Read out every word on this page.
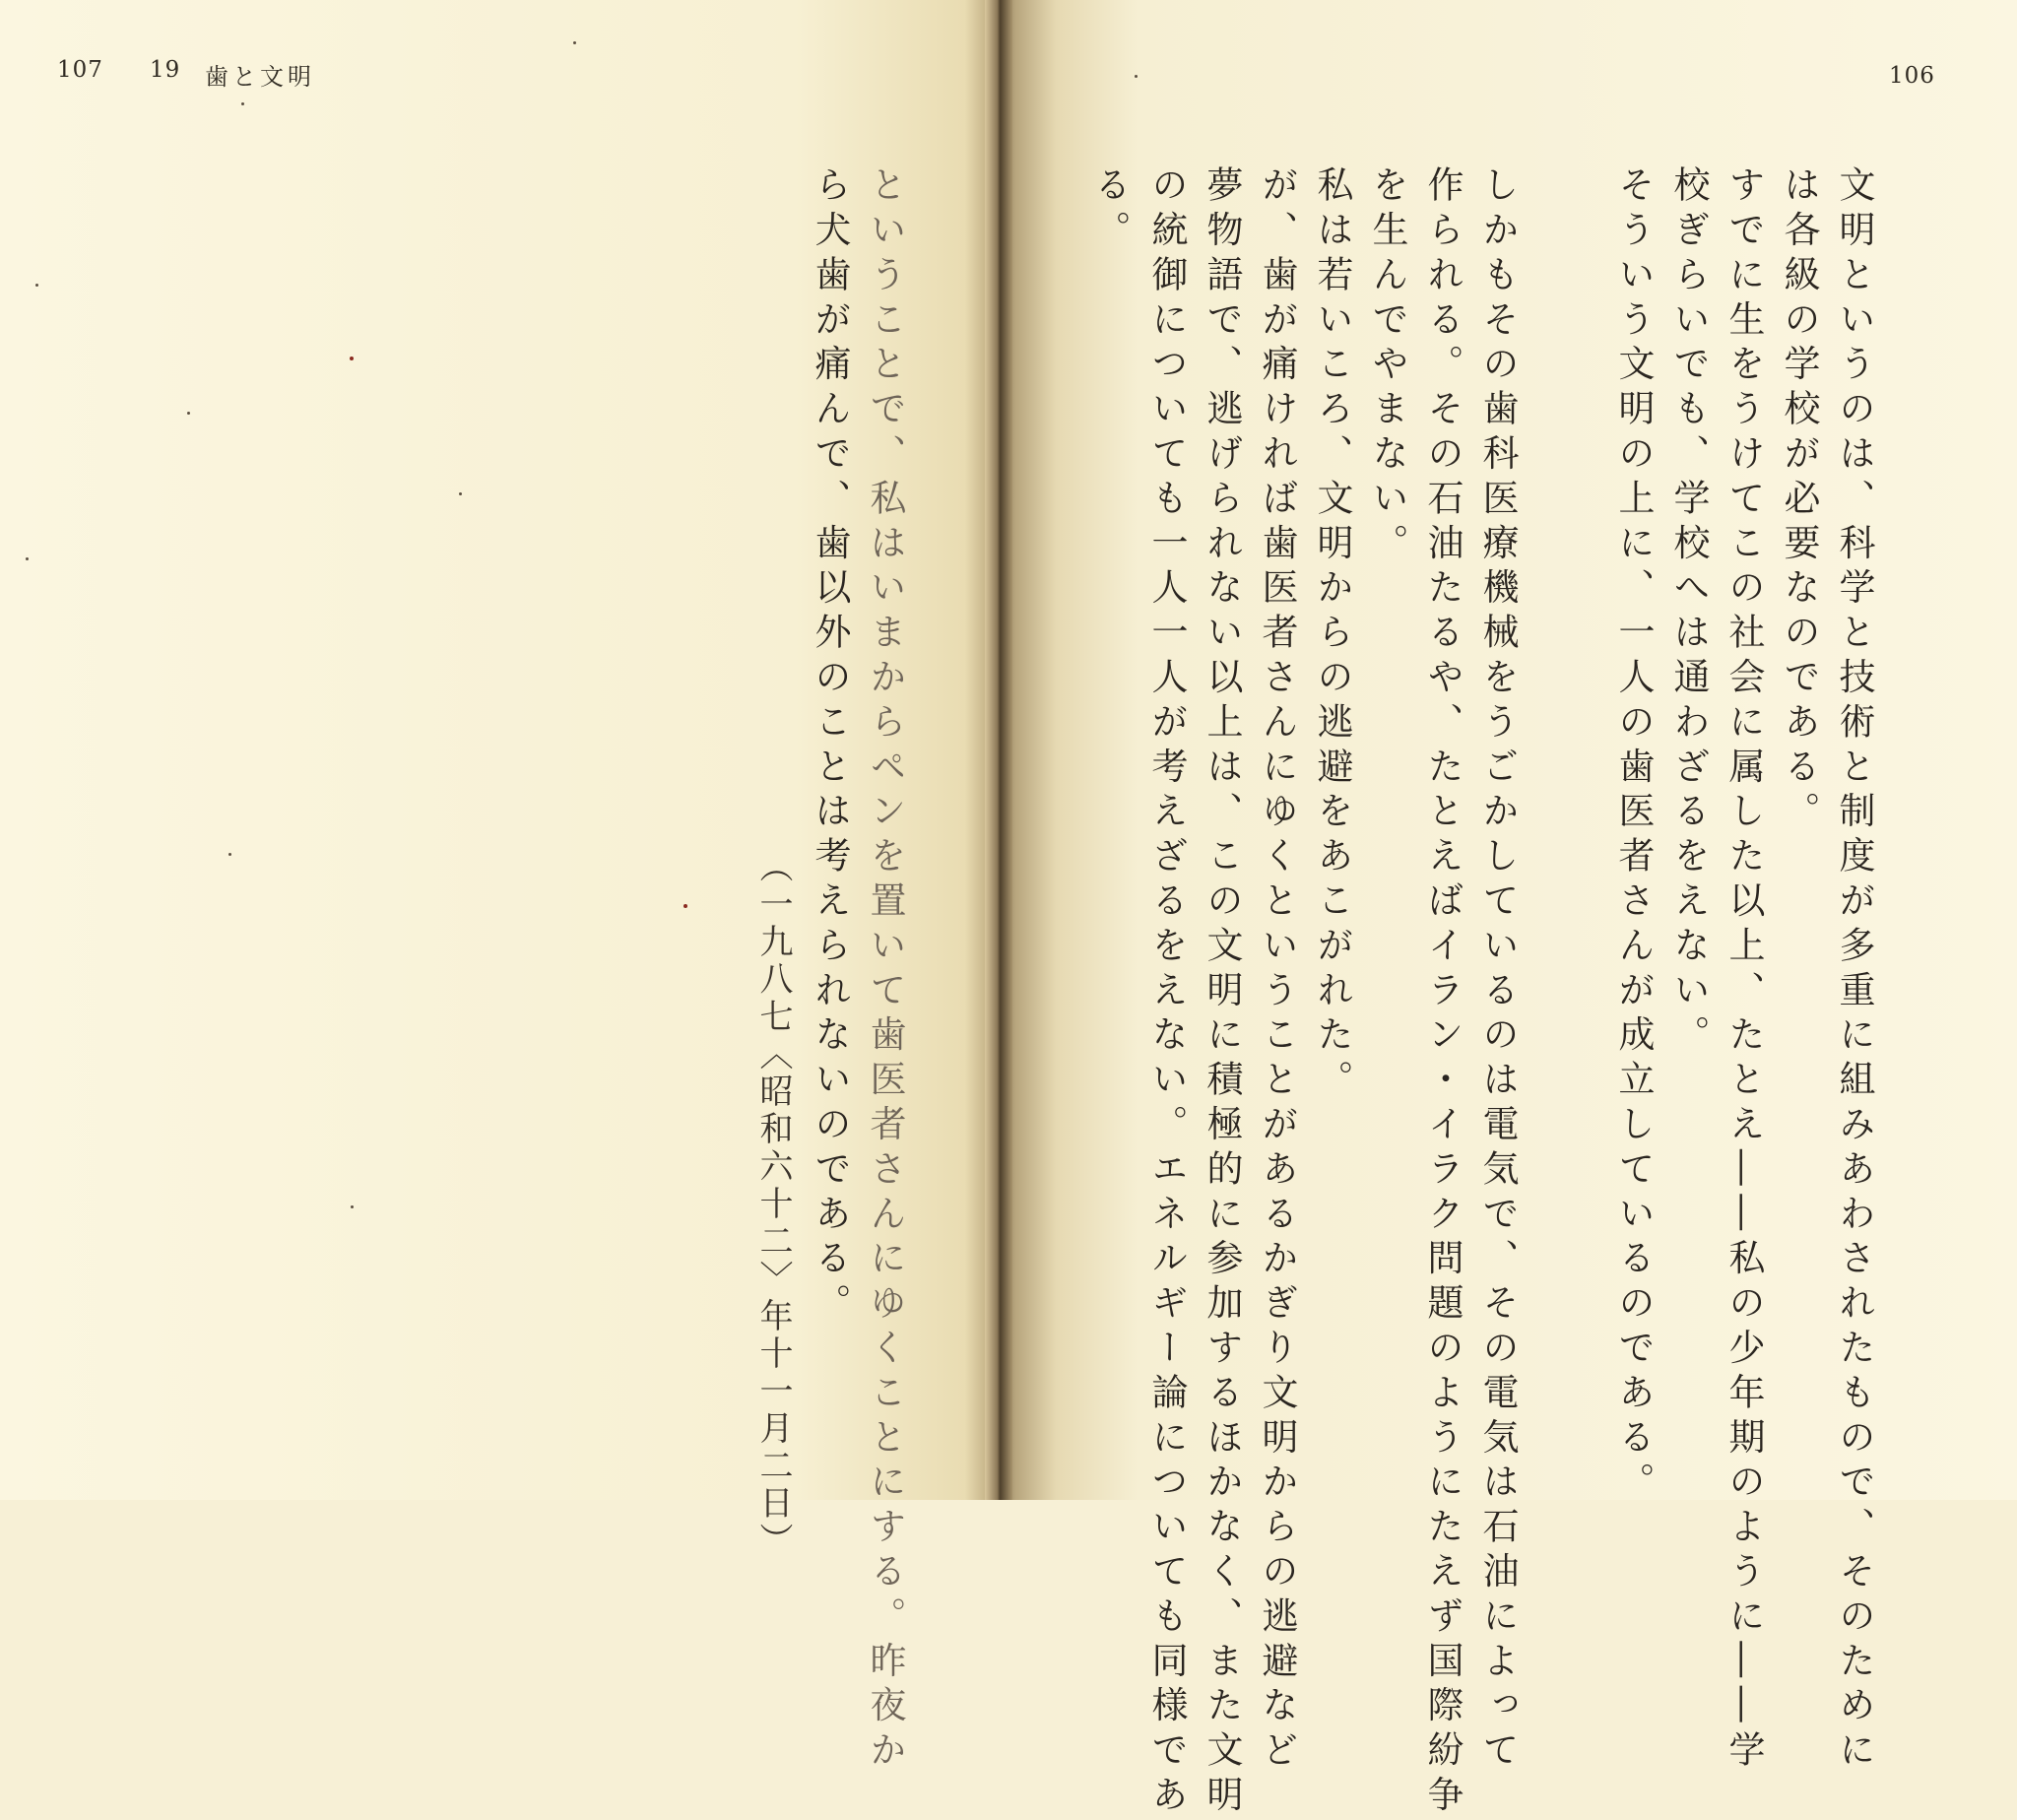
107 19 歯と文明	106
文明というのは、科学と技術と制度が多重に組みあわされたもので、そのために
は各級の学校が必要なのである。
すでに生をうけてこの社会に属した以上、たとえ――私の少年期のように――学
校ぎらいでも、学校へは通わざるをえない。
そういう文明の上に、一人の歯医者さんが成立しているのである。
しかもその歯科医療機械をうごかしているのは電気で、その電気は石油によって
作られる。その石油たるや、たとえばイラン・イラク問題のようにたえず国際紛争
を生んでやまない。
私は若いころ、文明からの逃避をあこがれた。
が、歯が痛ければ歯医者さんにゆくということがあるかぎり文明からの逃避など
夢物語で、逃げられない以上は、この文明に積極的に参加するほかなく、また文明
の統御についても一人一人が考えざるをえない。エネルギー論についても同様であ
る。
ということで、私はいまからペンを置いて歯医者さんにゆくことにする。昨夜か
ら犬歯が痛んで、歯以外のことは考えられないのである。
（一九八七〈昭和六十二〉年十一月二日）
